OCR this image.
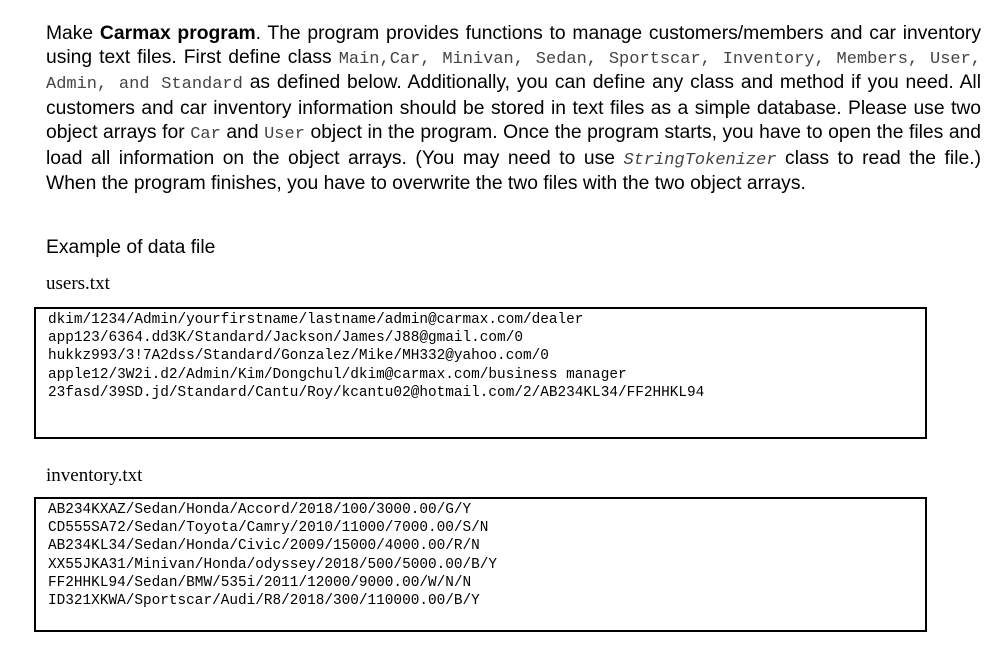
Make Carmax program. The program provides functions to manage customers/members and car inventory using text files. First define class Main,Car, Minivan, Sedan, Sportscar, Inventory, Members, User, Admin, and Standard as defined below. Additionally, you can define any class and method if you need. All customers and car inventory information should be stored in text files as a simple database. Please use two object arrays for Car and User object in the program. Once the program starts, you have to open the files and load all information on the object arrays. (You may need to use StringTokenizer class to read the file.) When the program finishes, you have to overwrite the two files with the two object arrays.

Example of data file

users.txt

dkim/1234/Admin/yourfirstname/lastname/admin@carmax.com/dealer
app123/6364.dd3K/Standard/Jackson/James/J88@gmail.com/0
hukkz993/3!7A2dss/Standard/Gonzalez/Mike/MH332@yahoo.com/0
apple12/3W2i.d2/Admin/Kim/Dongchul/dkim@carmax.com/business manager
23fasd/39SD.jd/Standard/Cantu/Roy/kcantu02@hotmail.com/2/AB234KL34/FF2HHKL94

inventory.txt

AB234KXAZ/Sedan/Honda/Accord/2018/100/3000.00/G/Y
CD555SA72/Sedan/Toyota/Camry/2010/11000/7000.00/S/N
AB234KL34/Sedan/Honda/Civic/2009/15000/4000.00/R/N
XX55JKA31/Minivan/Honda/odyssey/2018/500/5000.00/B/Y
FF2HHKL94/Sedan/BMW/535i/2011/12000/9000.00/W/N/N
ID321XKWA/Sportscar/Audi/R8/2018/300/110000.00/B/Y
